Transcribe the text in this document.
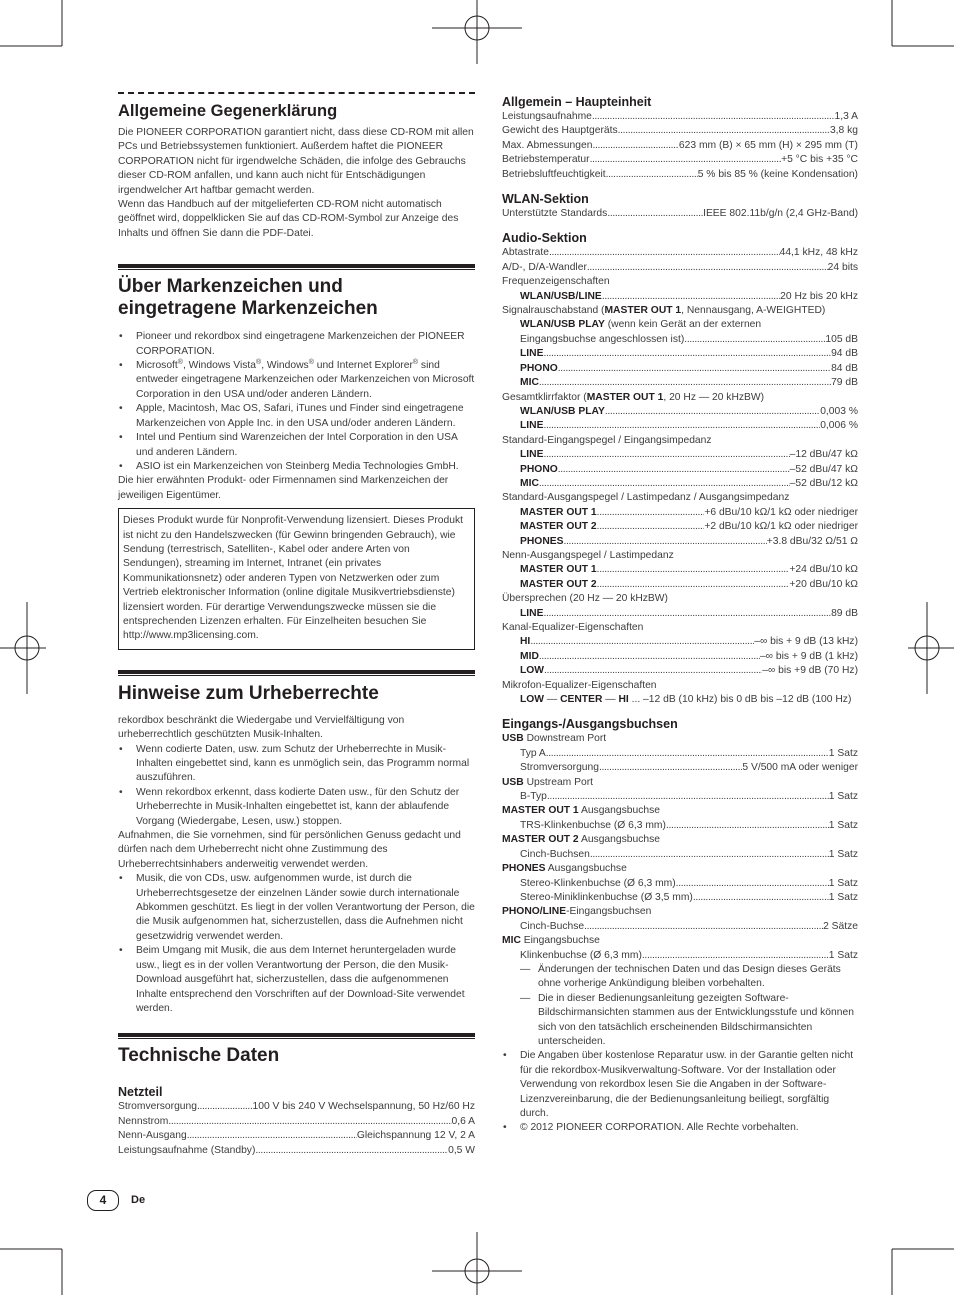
Allgemeine Gegenerklärung

Die PIONEER CORPORATION garantiert nicht, dass diese CD-ROM mit allen PCs und Betriebssystemen funktioniert. Außerdem haftet die PIONEER CORPORATION nicht für irgendwelche Schäden, die infolge des Gebrauchs dieser CD-ROM anfallen, und kann auch nicht für Entschädigungen irgendwelcher Art haftbar gemacht werden.

Wenn das Handbuch auf der mitgelieferten CD-ROM nicht automatisch geöffnet wird, doppelklicken Sie auf das CD-ROM-Symbol zur Anzeige des Inhalts und öffnen Sie dann die PDF-Datei.

Über Markenzeichen und
eingetragene Markenzeichen
• Pioneer und rekordbox sind eingetragene Markenzeichen der PIONEER CORPORATION.
• Microsoft®, Windows Vista®, Windows® und Internet Explorer® sind entweder eingetragene Markenzeichen oder Markenzeichen von Microsoft Corporation in den USA und/oder anderen Ländern.
• Apple, Macintosh, Mac OS, Safari, iTunes und Finder sind eingetragene Markenzeichen von Apple Inc. in den USA und/oder anderen Ländern.
• Intel und Pentium sind Warenzeichen der Intel Corporation in den USA und anderen Ländern.
• ASIO ist ein Markenzeichen von Steinberg Media Technologies GmbH.

Die hier erwähnten Produkt- oder Firmennamen sind Markenzeichen der jeweiligen Eigentümer.

Dieses Produkt wurde für Nonprofit-Verwendung lizensiert. Dieses Produkt ist nicht zu den Handelszwecken (für Gewinn bringenden Gebrauch), wie Sendung (terrestrisch, Satelliten-, Kabel oder andere Arten von Sendungen), streaming im Internet, Intranet (ein privates Kommunikationsnetz) oder anderen Typen von Netzwerken oder zum Vertrieb elektronischer Information (online digitale Musikvertriebsdienste) lizensiert worden. Für derartige Verwendungszwecke müssen sie die entsprechenden Lizenzen erhalten. Für Einzelheiten besuchen Sie http://www.mp3licensing.com.
Hinweise zum Urheberrechte

rekordbox beschränkt die Wiedergabe und Vervielfältigung von urheberrechtlich geschützten Musik-Inhalten.

• Wenn codierte Daten, usw. zum Schutz der Urheberrechte in Musik-Inhalten eingebettet sind, kann es unmöglich sein, das Programm normal auszuführen.
• Wenn rekordbox erkennt, dass kodierte Daten usw., für den Schutz der Urheberrechte in Musik-Inhalten eingebettet ist, kann der ablaufende Vorgang (Wiedergabe, Lesen, usw.) stoppen.

Aufnahmen, die Sie vornehmen, sind für persönlichen Genuss gedacht und dürfen nach dem Urheberrecht nicht ohne Zustimmung des Urheberrechtsinhabers anderweitig verwendet werden.

• Musik, die von CDs, usw. aufgenommen wurde, ist durch die Urheberrechtsgesetze der einzelnen Länder sowie durch internationale Abkommen geschützt. Es liegt in der vollen Verantwortung der Person, die die Musik aufgenommen hat, sicherzustellen, dass die Aufnehmen nicht gesetzwidrig verwendet werden.
• Beim Umgang mit Musik, die aus dem Internet heruntergeladen wurde usw., liegt es in der vollen Verantwortung der Person, die den Musik-Download ausgeführt hat, sicherzustellen, dass die aufgenommenen Inhalte entsprechend den Vorschriften auf der Download-Site verwendet werden.
Technische Daten
Netzteil
Stromversorgung . . .	100 V bis 240 V Wechselspannung, 50 Hz/60 Hz
Nennstrom . . .	0,6 A
Nenn-Ausgang . . .	Gleichspannung 12 V, 2 A
Leistungsaufnahme (Standby) . . .	0,5 W
Allgemein – Haupteinheit
Leistungsaufnahme . . .	1,3 A
Gewicht des Hauptgeräts . . .	3,8 kg
Max. Abmessungen . . .	623 mm (B) × 65 mm (H) × 295 mm (T)
Betriebstemperatur . . .	+5 °C bis +35 °C
Betriebsluftfeuchtigkeit . . .	5 % bis 85 % (keine Kondensation)
WLAN-Sektion
Unterstützte Standards . . .	IEEE 802.11b/g/n (2,4 GHz-Band)
Audio-Sektion
Abtastrate . . .	44,1 kHz, 48 kHz
A/D-, D/A-Wandler . . .	24 bits
Frequenzeigenschaften
WLAN/USB/LINE . . .	20 Hz bis 20 kHz
Signalrauschabstand (MASTER OUT 1, Nennausgang, A-WEIGHTED)
WLAN/USB PLAY (wenn kein Gerät an der externen
Eingangsbuchse angeschlossen ist) . . .	105 dB
LINE . . .	94 dB
PHONO . . .	84 dB
MIC . . .	79 dB
Gesamtklirrfaktor (MASTER OUT 1, 20 Hz — 20 kHzBW)
WLAN/USB PLAY . . .	0,003 %
LINE . . .	0,006 %
Standard-Eingangspegel / Eingangsimpedanz
LINE . . .	–12 dBu/47 kΩ
PHONO . . .	–52 dBu/47 kΩ
MIC . . .	–52 dBu/12 kΩ
Standard-Ausgangspegel / Lastimpedanz / Ausgangsimpedanz
MASTER OUT 1 . . .	+6 dBu/10 kΩ/1 kΩ oder niedriger
MASTER OUT 2 . . .	+2 dBu/10 kΩ/1 kΩ oder niedriger
PHONES . . .	+3.8 dBu/32 Ω/51 Ω
Nenn-Ausgangspegel / Lastimpedanz
MASTER OUT 1 . . .	+24 dBu/10 kΩ
MASTER OUT 2 . . .	+20 dBu/10 kΩ
Übersprechen (20 Hz — 20 kHzBW)
LINE . . .	89 dB
Kanal-Equalizer-Eigenschaften
HI . . .	–∞ bis + 9 dB (13 kHz)
MID . . .	–∞ bis + 9 dB (1 kHz)
LOW . . .	–∞ bis +9 dB (70 Hz)
Mikrofon-Equalizer-Eigenschaften
LOW — CENTER — HI ... –12 dB (10 kHz) bis 0 dB bis –12 dB (100 Hz)
Eingangs-/Ausgangsbuchsen
USB Downstream Port
Typ A . . .	1 Satz
Stromversorgung . . .	5 V/500 mA oder weniger
USB Upstream Port
B-Typ . . .	1 Satz
MASTER OUT 1 Ausgangsbuchse
TRS-Klinkenbuchse (Ø 6,3 mm) . . .	1 Satz
MASTER OUT 2 Ausgangsbuchse
Cinch-Buchsen . . .	1 Satz
PHONES Ausgangsbuchse
Stereo-Klinkenbuchse (Ø 6,3 mm) . . .	1 Satz
Stereo-Miniklinkenbuchse (Ø 3,5 mm) . . .	1 Satz
PHONO/LINE-Eingangsbuchsen
Cinch-Buchse . . .	2 Sätze
MIC Eingangsbuchse
Klinkenbuchse (Ø 6,3 mm) . . .	1 Satz
— Änderungen der technischen Daten und das Design dieses Geräts ohne vorherige Ankündigung bleiben vorbehalten.
— Die in dieser Bedienungsanleitung gezeigten Software-Bildschirmansichten stammen aus der Entwicklungsstufe und können sich von den tatsächlich erscheinenden Bildschirmansichten unterscheiden.
• Die Angaben über kostenlose Reparatur usw. in der Garantie gelten nicht für die rekordbox-Musikverwaltung-Software. Vor der Installation oder Verwendung von rekordbox lesen Sie die Angaben in der Software-Lizenzvereinbarung, die der Bedienungsanleitung beiliegt, sorgfältig durch.
• © 2012 PIONEER CORPORATION. Alle Rechte vorbehalten.
4 De
